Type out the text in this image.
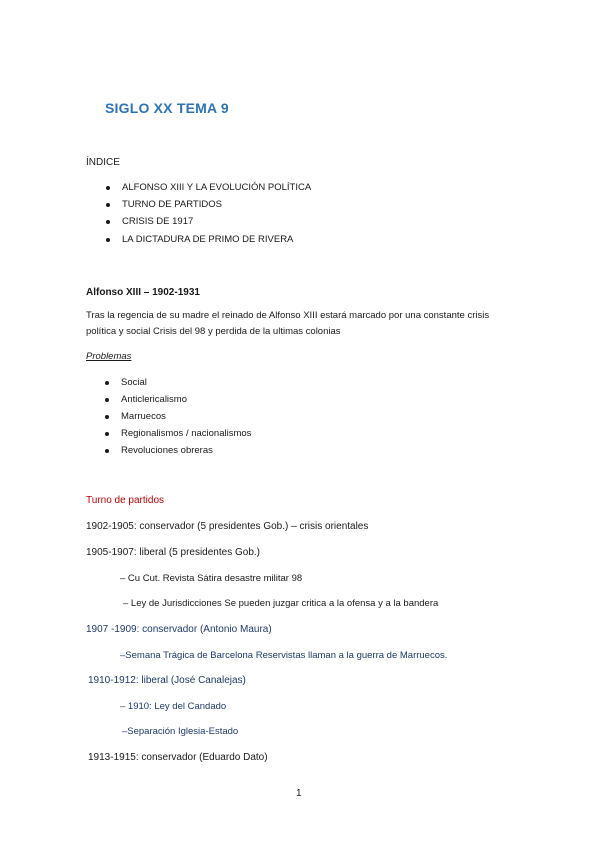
SIGLO XX TEMA 9
ÍNDICE
ALFONSO XIII Y LA EVOLUCIÓN POLÍTICA
TURNO DE PARTIDOS
CRISIS DE 1917
LA DICTADURA DE PRIMO DE RIVERA
Alfonso XIII – 1902-1931
Tras la regencia de su madre el reinado de Alfonso XIII estará marcado por una constante crisis
política y social Crisis del 98 y perdida de la ultimas colonias
Problemas
Social
Anticlericalismo
Marruecos
Regionalismos / nacionalismos
Revoluciones obreras
Turno de partidos
1902-1905: conservador (5 presidentes Gob.) – crisis orientales
1905-1907: liberal (5 presidentes Gob.)
– Cu Cut. Revista Sátira desastre militar 98
– Ley de Jurisdicciones Se pueden juzgar critica a la ofensa y a la bandera
1907 -1909: conservador (Antonio Maura)
–Semana Trágica de Barcelona Reservistas llaman a la guerra de Marruecos.
1910-1912: liberal (José Canalejas)
– 1910: Ley del Candado
–Separación Iglesia-Estado
1913-1915: conservador (Eduardo Dato)
1
